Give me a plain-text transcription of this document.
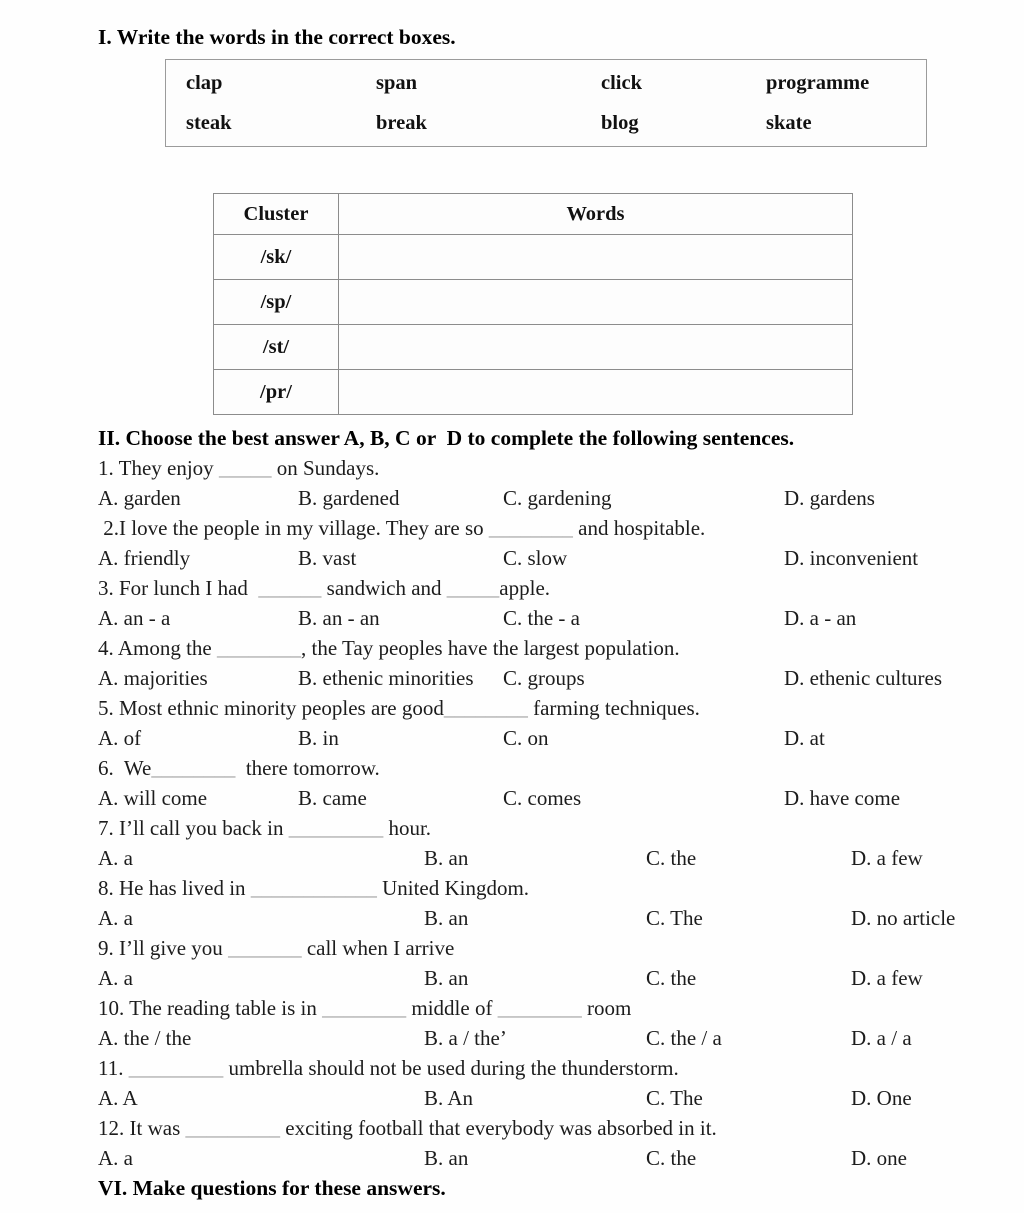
I. Write the words in the correct boxes.
clap	span	click	programme
steak	break	blog	skate
Cluster	Words
/sk/	
/sp/	
/st/	
/pr/	
II. Choose the best answer A, B, C or  D to complete the following sentences.

1. They enjoy _____ on Sundays.

A. garden	B. gardened	C. gardening	D. gardens

2.I love the people in my village. They are so ________ and hospitable.

A. friendly	B. vast	C. slow	D. inconvenient

3. For lunch I had  ______ sandwich and _____apple.

A. an - a	B. an - an	C. the - a	D. a - an

4. Among the ________, the Tay peoples have the largest population.

A. majorities	B. ethenic minorities	C. groups	D. ethenic cultures

5. Most ethnic minority peoples are good________ farming techniques.

A. of	B. in	C. on	D. at

6.  We________  there tomorrow.

A. will come	B. came	C. comes	D. have come

7. I’ll call you back in _________ hour.

A. a	B. an	C. the	D. a few

8. He has lived in ____________ United Kingdom.

A. a	B. an	C. The	D. no article

9. I’ll give you _______ call when I arrive

A. a	B. an	C. the	D. a few

10. The reading table is in ________ middle of ________ room

A. the / the	B. a / the’	C. the / a	D. a / a

11. _________ umbrella should not be used during the thunderstorm.

A. A	B. An	C. The	D. One

12. It was _________ exciting football that everybody was absorbed in it.

A. a	B. an	C. the	D. one
VI. Make questions for these answers.
